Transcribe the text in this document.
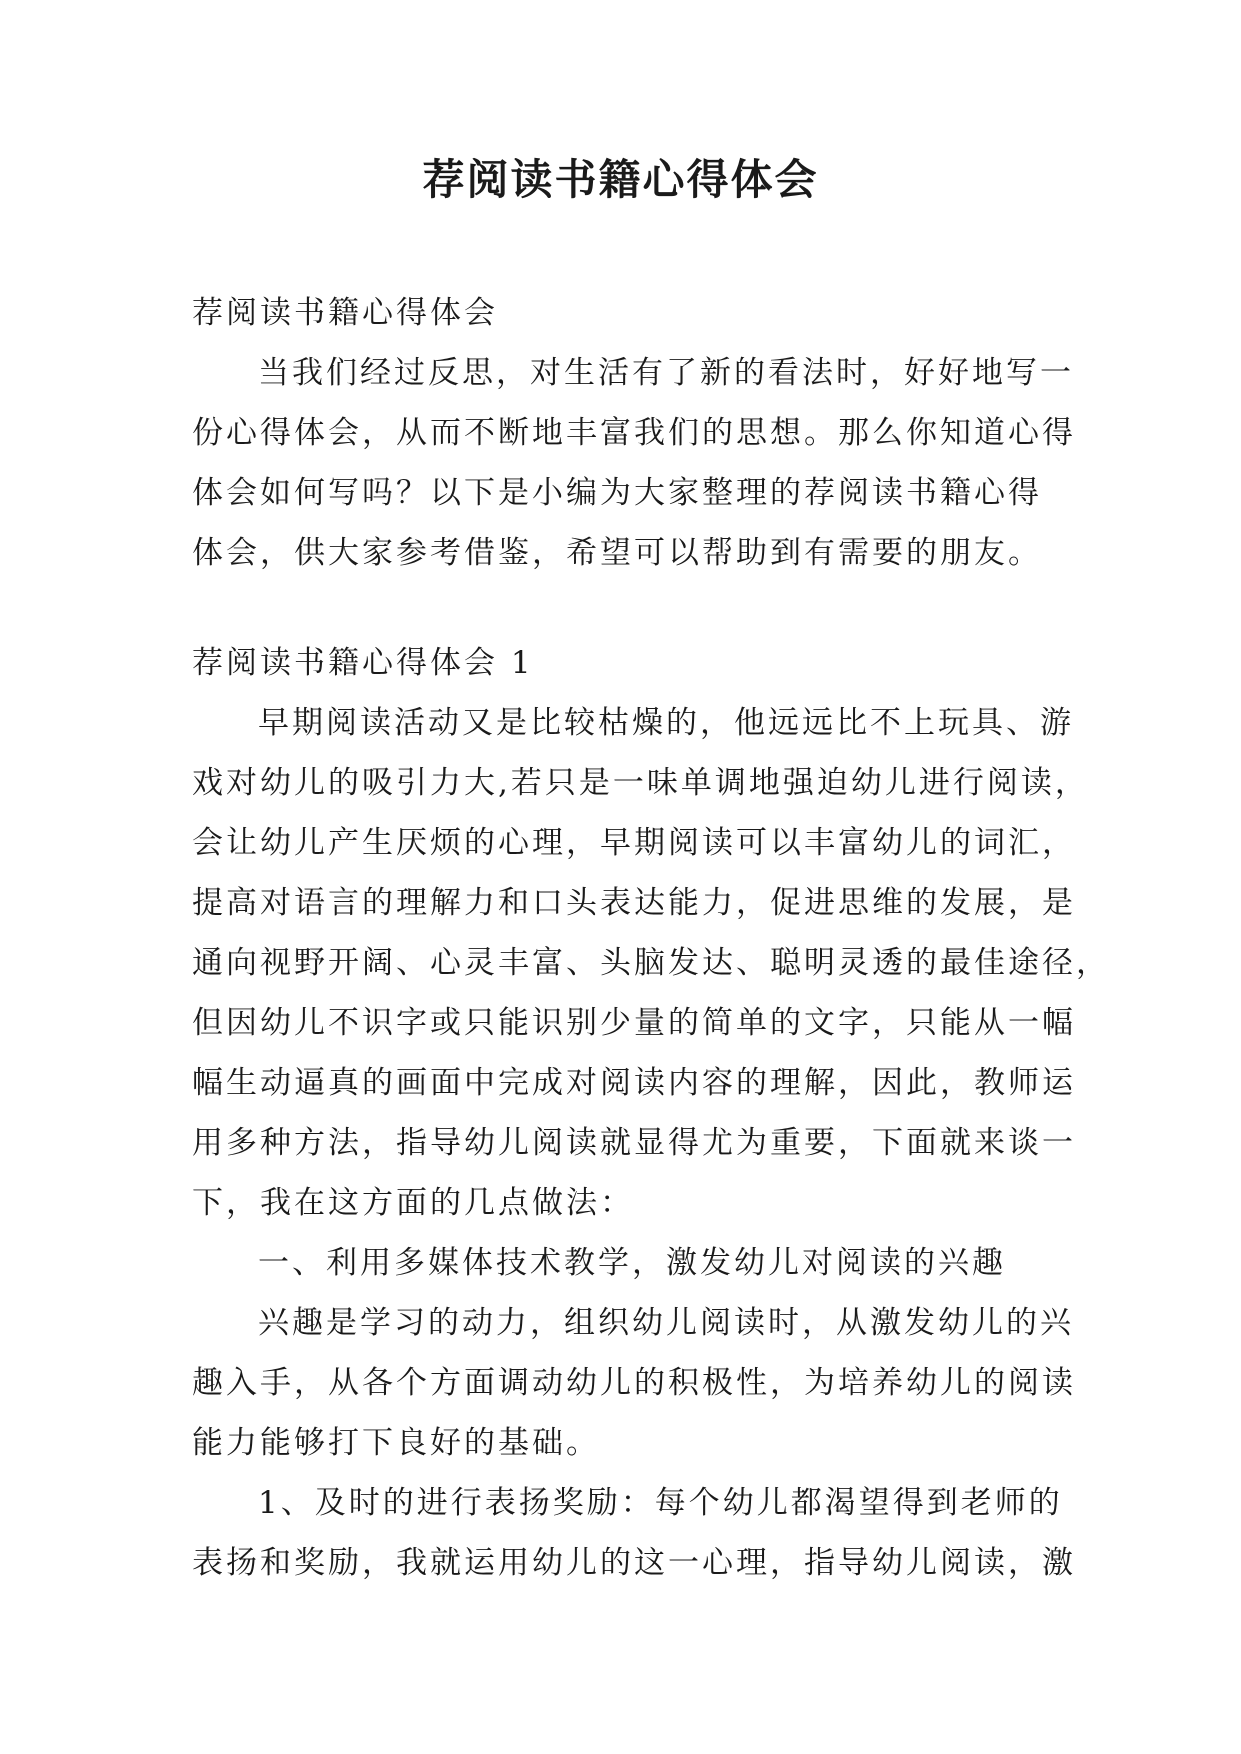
荐阅读书籍心得体会
荐阅读书籍心得体会
当我们经过反思，对生活有了新的看法时，好好地写一
份心得体会，从而不断地丰富我们的思想。那么你知道心得
体会如何写吗？以下是小编为大家整理的荐阅读书籍心得
体会，供大家参考借鉴，希望可以帮助到有需要的朋友。
荐阅读书籍心得体会 1
早期阅读活动又是比较枯燥的，他远远比不上玩具、游
戏对幼儿的吸引力大,若只是一味单调地强迫幼儿进行阅读，
会让幼儿产生厌烦的心理，早期阅读可以丰富幼儿的词汇，
提高对语言的理解力和口头表达能力，促进思维的发展，是
通向视野开阔、心灵丰富、头脑发达、聪明灵透的最佳途径，
但因幼儿不识字或只能识别少量的简单的文字，只能从一幅
幅生动逼真的画面中完成对阅读内容的理解，因此，教师运
用多种方法，指导幼儿阅读就显得尤为重要，下面就来谈一
下，我在这方面的几点做法：
一、利用多媒体技术教学，激发幼儿对阅读的兴趣
兴趣是学习的动力，组织幼儿阅读时，从激发幼儿的兴
趣入手，从各个方面调动幼儿的积极性，为培养幼儿的阅读
能力能够打下良好的基础。
1、及时的进行表扬奖励：每个幼儿都渴望得到老师的
表扬和奖励，我就运用幼儿的这一心理，指导幼儿阅读，激
